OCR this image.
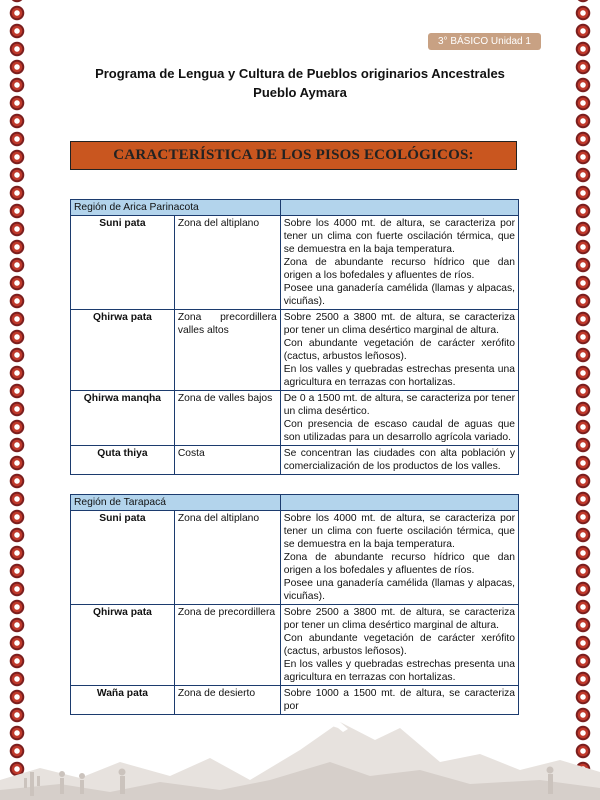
3° BÁSICO Unidad 1
Programa de Lengua y Cultura de Pueblos originarios Ancestrales
Pueblo Aymara
CARACTERÍSTICA DE LOS PISOS ECOLÓGICOS:
Región de Arica Parinacota		
Suni pata	Zona del altiplano	Sobre los 4000 mt. de altura, se caracteriza por tener un clima con fuerte oscilación térmica, que se demuestra en la baja temperatura.
Zona de abundante recurso hídrico que dan origen a los bofedales y afluentes de ríos.
Posee una ganadería camélida (llamas y alpacas, vicuñas).

Qhirwa pata	Zona precordillera valles altos	Sobre 2500 a 3800 mt. de altura, se caracteriza por tener un clima desértico marginal de altura.
Con abundante vegetación de carácter xerófito (cactus, arbustos leñosos).
En los valles y quebradas estrechas presenta una agricultura en terrazas con hortalizas.

Qhirwa manqha	Zona de valles bajos	De 0 a 1500 mt. de altura, se caracteriza por tener un clima desértico.
Con presencia de escaso caudal de aguas que son utilizadas para un desarrollo agrícola variado.

Quta thiya	Costa	Se concentran las ciudades con alta población y comercialización de los productos de los valles.
Región de Tarapacá		
Suni pata	Zona del altiplano	Sobre los 4000 mt. de altura, se caracteriza por tener un clima con fuerte oscilación térmica, que se demuestra en la baja temperatura.
Zona de abundante recurso hídrico que dan origen a los bofedales y afluentes de ríos.
Posee una ganadería camélida (llamas y alpacas, vicuñas).

Qhirwa pata	Zona de precordillera	Sobre 2500 a 3800 mt. de altura, se caracteriza por tener un clima desértico marginal de altura.
Con abundante vegetación de carácter xerófito (cactus, arbustos leñosos).
En los valles y quebradas estrechas presenta una agricultura en terrazas con hortalizas.

Waña pata	Zona de desierto	Sobre 1000 a 1500 mt. de altura, se caracteriza por
